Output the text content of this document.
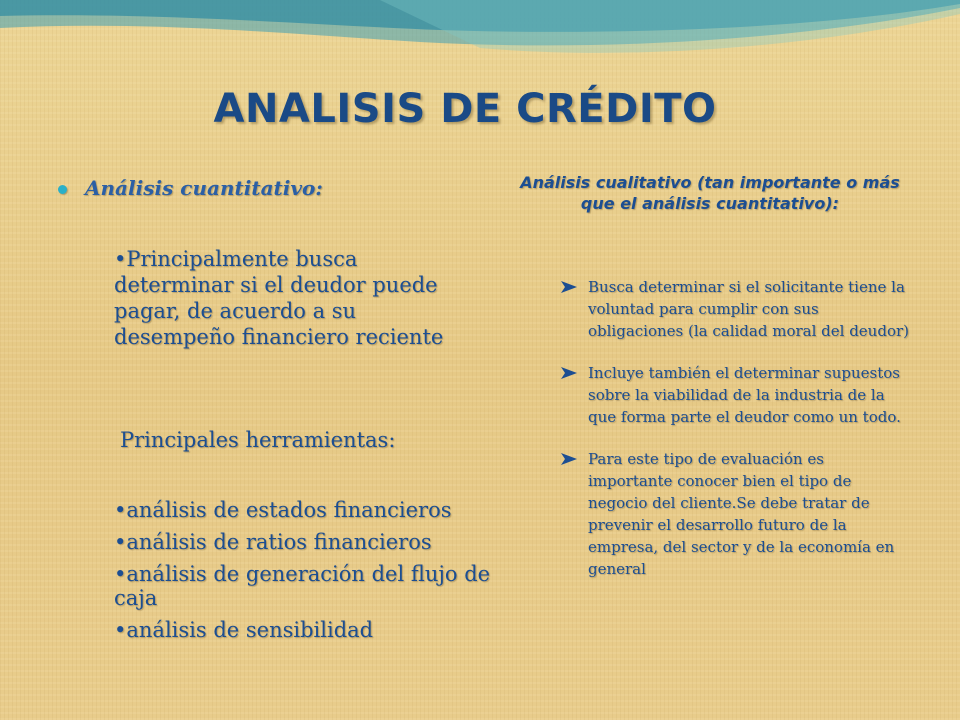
ANALISIS DE CRÉDITO
Análisis cuantitativo:
•Principalmente busca determinar si el deudor puede pagar, de acuerdo a su desempeño financiero reciente
Principales herramientas:
•análisis de estados financieros
•análisis de ratios financieros
•análisis de generación del flujo de caja
•análisis de sensibilidad
Análisis cualitativo (tan importante o más que el análisis cuantitativo):
Busca determinar si el solicitante tiene la voluntad para cumplir con sus obligaciones (la calidad moral del deudor)
Incluye también el determinar supuestos sobre la viabilidad de la industria de la que forma parte el deudor como un todo.
Para este tipo de evaluación es importante conocer bien el tipo de negocio del cliente.Se debe tratar de prevenir el desarrollo futuro de la empresa, del sector y de la economía en general
